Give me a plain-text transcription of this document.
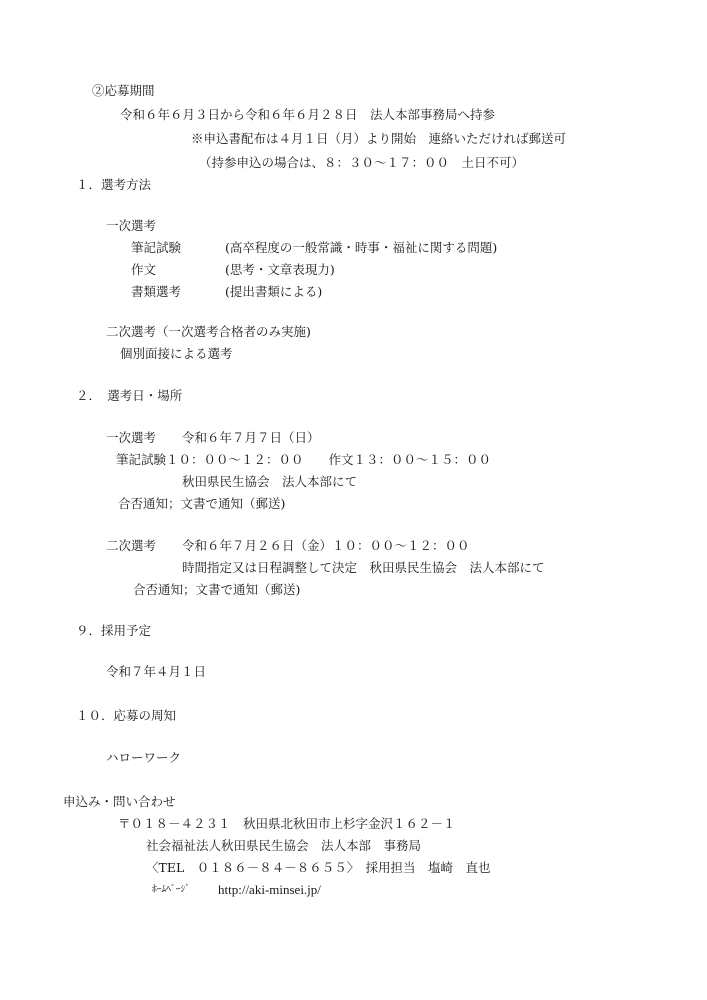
②応募期間
令和６年６月３日から令和６年６月２８日　法人本部事務局へ持参
※申込書配布は４月１日（月）より開始　連絡いただければ郵送可
（持参申込の場合は、８：３０～１７：００　土日不可）
１．選考方法
一次選考
筆記試験	(高卒程度の一般常識・時事・福祉に関する問題)
作文	(思考・文章表現力)
書類選考	(提出書類による)
二次選考（一次選考合格者のみ実施)
個別面接による選考
２．　選考日・場所
一次選考 令和６年７月７日（日）
筆記試験１０：００～１２：００　　作文１３：００～１５：００
秋田県民生協会　法人本部にて
合否通知；文書で通知（郵送)
二次選考 令和６年７月２６日（金）１０：００～１２：００
時間指定又は日程調整して決定　秋田県民生協会　法人本部にて
合否通知；文書で通知（郵送)
９．採用予定
令和７年４月１日
１０．応募の周知
ハローワーク
申込み・問い合わせ
〒０１８－４２３１　秋田県北秋田市上杉字金沢１６２－１
社会福祉法人秋田県民生協会　法人本部　事務局
〈TEL　０１８６－８４－８６５５〉　採用担当　塩崎　直也
ﾎｰﾑﾍﾟｰｼﾞ http://aki-minsei.jp/
